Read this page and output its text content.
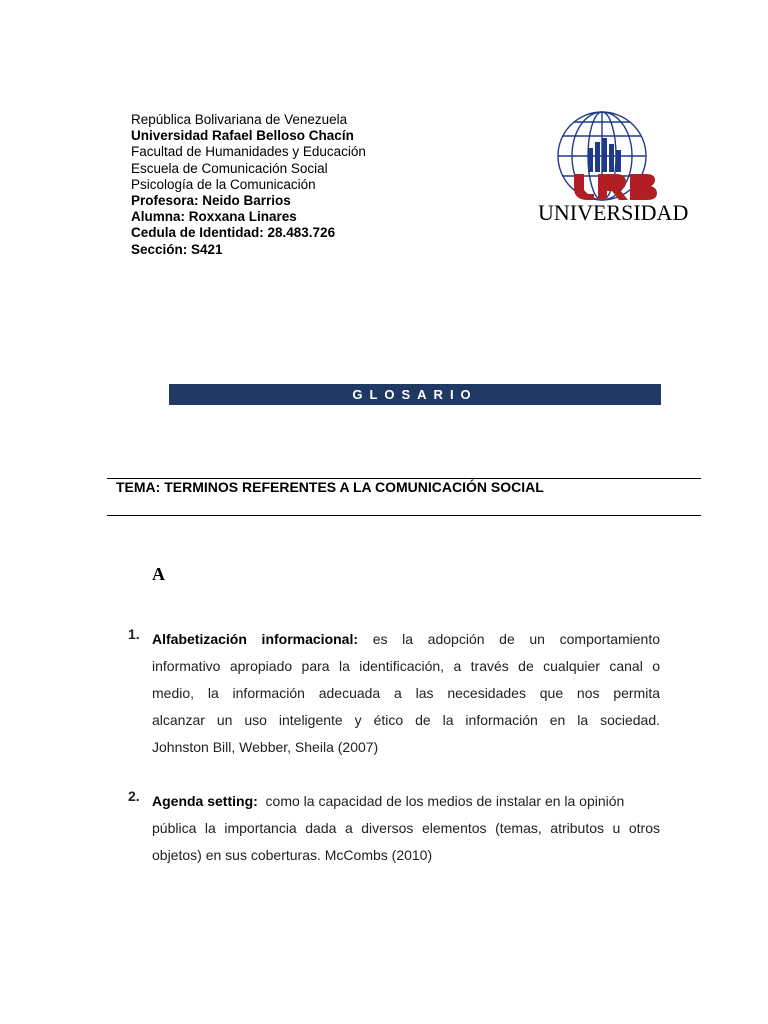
República Bolivariana de Venezuela
Universidad Rafael Belloso Chacín
Facultad de Humanidades y Educación
Escuela de Comunicación Social
Psicología de la Comunicación
Profesora: Neido Barrios
Alumna: Roxxana Linares
Cedula de Identidad: 28.483.726
Sección: S421
UNIVERSIDAD
GLOSARIO
TEMA: TERMINOS REFERENTES A LA COMUNICACIÓN SOCIAL
A
1. Alfabetización informacional: es la adopción de un comportamiento
informativo apropiado para la identificación, a través de cualquier canal o
medio, la información adecuada a las necesidades que nos permita
alcanzar un uso inteligente y ético de la información en la sociedad.
Johnston Bill, Webber, Sheila (2007)
2. Agenda setting:  como la capacidad de los medios de instalar en la opinión
pública la importancia dada a diversos elementos (temas, atributos u otros
objetos) en sus coberturas. McCombs (2010)
